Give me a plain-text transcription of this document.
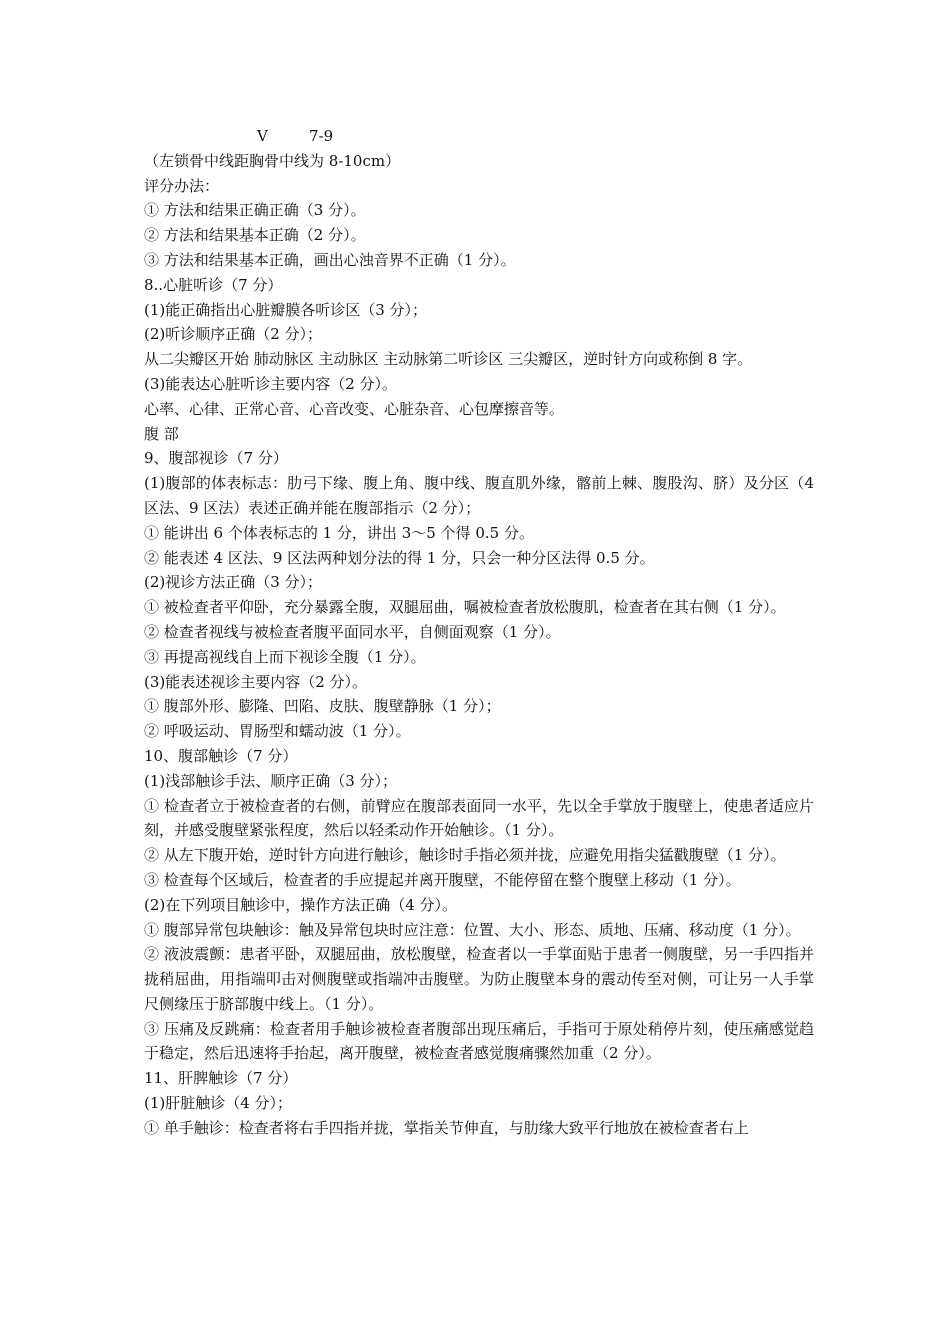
Ⅴ	7-9

（左锁骨中线距胸骨中线为 8-10cm）

评分办法：

① 方法和结果正确正确（3 分）。

② 方法和结果基本正确（2 分）。

③ 方法和结果基本正确，画出心浊音界不正确（1 分）。

8..心脏听诊（7 分）

(1)能正确指出心脏瓣膜各听诊区（3 分）；

(2)听诊顺序正确（2 分）；

从二尖瓣区开始 肺动脉区 主动脉区 主动脉第二听诊区 三尖瓣区，逆时针方向或称倒 8 字。

(3)能表达心脏听诊主要内容（2 分）。

心率、心律、正常心音、心音改变、心脏杂音、心包摩擦音等。

腹 部

9、腹部视诊（7 分）

(1)腹部的体表标志：肋弓下缘、腹上角、腹中线、腹直肌外缘，髂前上棘、腹股沟、脐）及分区（4 区法、9 区法）表述正确并能在腹部指示（2 分）；

① 能讲出 6 个体表标志的 1 分，讲出 3～5 个得 0.5 分。

② 能表述 4 区法、9 区法两种划分法的得 1 分，只会一种分区法得 0.5 分。

(2)视诊方法正确（3 分）；

① 被检查者平仰卧，充分暴露全腹，双腿屈曲，嘱被检查者放松腹肌，检查者在其右侧（1 分）。

② 检查者视线与被检查者腹平面同水平，自侧面观察（1 分）。

③ 再提高视线自上而下视诊全腹（1 分）。

(3)能表述视诊主要内容（2 分）。

① 腹部外形、膨隆、凹陷、皮肤、腹壁静脉（1 分）；

② 呼吸运动、胃肠型和蠕动波（1 分）。

10、腹部触诊（7 分）

(1)浅部触诊手法、顺序正确（3 分）；

① 检查者立于被检查者的右侧，前臂应在腹部表面同一水平，先以全手掌放于腹壁上，使患者适应片刻，并感受腹壁紧张程度，然后以轻柔动作开始触诊。（1 分）。

② 从左下腹开始，逆时针方向进行触诊，触诊时手指必须并拢，应避免用指尖猛戳腹壁（1 分）。

③ 检查每个区域后，检查者的手应提起并离开腹壁，不能停留在整个腹壁上移动（1 分）。

(2)在下列项目触诊中，操作方法正确（4 分）。

① 腹部异常包块触诊：触及异常包块时应注意：位置、大小、形态、质地、压痛、移动度（1 分）。

② 液波震颤：患者平卧，双腿屈曲，放松腹壁，检查者以一手掌面贴于患者一侧腹壁，另一手四指并拢稍屈曲，用指端叩击对侧腹壁或指端冲击腹壁。为防止腹壁本身的震动传至对侧，可让另一人手掌尺侧缘压于脐部腹中线上。（1 分）。

③ 压痛及反跳痛：检查者用手触诊被检查者腹部出现压痛后，手指可于原处稍停片刻，使压痛感觉趋于稳定，然后迅速将手抬起，离开腹壁，被检查者感觉腹痛骤然加重（2 分）。

11、肝脾触诊（7 分）

(1)肝脏触诊（4 分）；

① 单手触诊：检查者将右手四指并拢，掌指关节伸直，与肋缘大致平行地放在被检查者右上
